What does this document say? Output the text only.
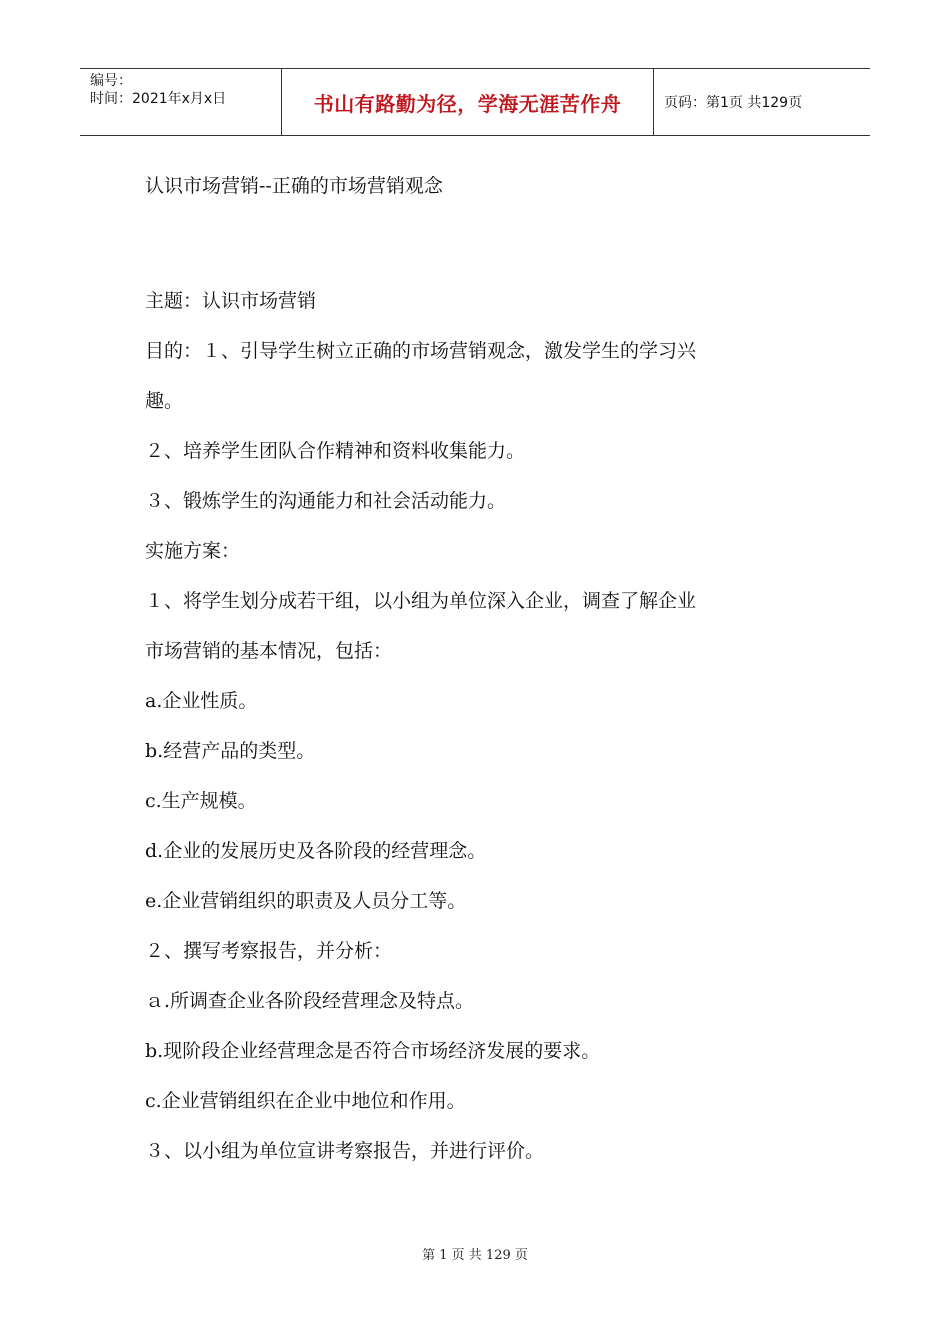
编号：
时间：2021年x月x日	书山有路勤为径，学海无涯苦作舟	页码：第1页 共129页

认识市场营销--正确的市场营销观念

主题：认识市场营销

目的：１、引导学生树立正确的市场营销观念，激发学生的学习兴

趣。

２、培养学生团队合作精神和资料收集能力。

３、锻炼学生的沟通能力和社会活动能力。

实施方案：

１、将学生划分成若干组，以小组为单位深入企业，调查了解企业

市场营销的基本情况，包括：

a.企业性质。

b.经营产品的类型。

c.生产规模。

d.企业的发展历史及各阶段的经营理念。

e.企业营销组织的职责及人员分工等。

２、撰写考察报告，并分析：

ａ.所调查企业各阶段经营理念及特点。

b.现阶段企业经营理念是否符合市场经济发展的要求。

c.企业营销组织在企业中地位和作用。

３、以小组为单位宣讲考察报告，并进行评价。

第 1 页 共 129 页
